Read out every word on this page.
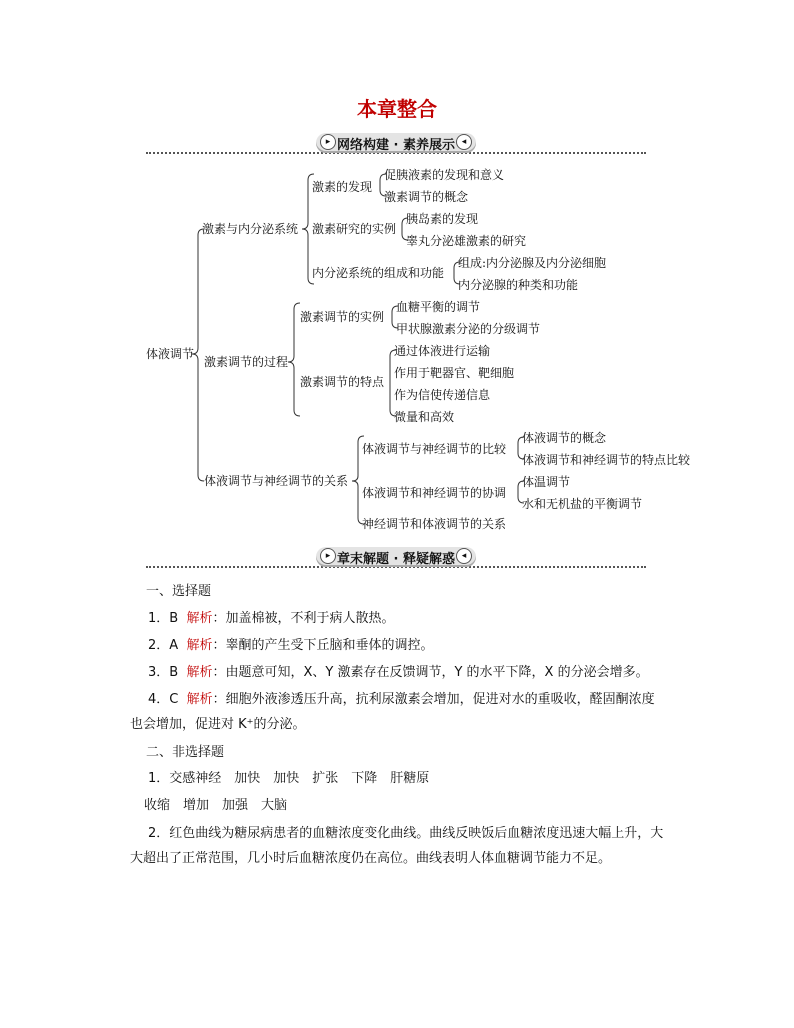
本章整合
▸ 网络构建 · 素养展示 ◂
体液调节
激素与内分泌系统
激素调节的过程
体液调节与神经调节的关系
激素的发现
激素研究的实例
内分泌系统的组成和功能
激素调节的实例
激素调节的特点
体液调节与神经调节的比较
体液调节和神经调节的协调
神经调节和体液调节的关系
促胰液素的发现和意义
激素调节的概念
胰岛素的发现
睾丸分泌雄激素的研究
组成:内分泌腺及内分泌细胞
内分泌腺的种类和功能
血糖平衡的调节
甲状腺激素分泌的分级调节
通过体液进行运输
作用于靶器官、靶细胞
作为信使传递信息
微量和高效
体液调节的概念
体液调节和神经调节的特点比较
体温调节
水和无机盐的平衡调节
▸ 章末解题 · 释疑解惑 ◂
一、选择题
1．B 解析：加盖棉被，不利于病人散热。
2．A 解析：睾酮的产生受下丘脑和垂体的调控。
3．B 解析：由题意可知，X、Y 激素存在反馈调节，Y 的水平下降，X 的分泌会增多。
4．C 解析：细胞外液渗透压升高，抗利尿激素会增加，促进对水的重吸收，醛固酮浓度
也会增加，促进对 K⁺的分泌。
二、非选择题
1．交感神经　加快　加快　扩张　下降　肝糖原
收缩　增加　加强　大脑
2．红色曲线为糖尿病患者的血糖浓度变化曲线。曲线反映饭后血糖浓度迅速大幅上升，大
大超出了正常范围，几小时后血糖浓度仍在高位。曲线表明人体血糖调节能力不足。
